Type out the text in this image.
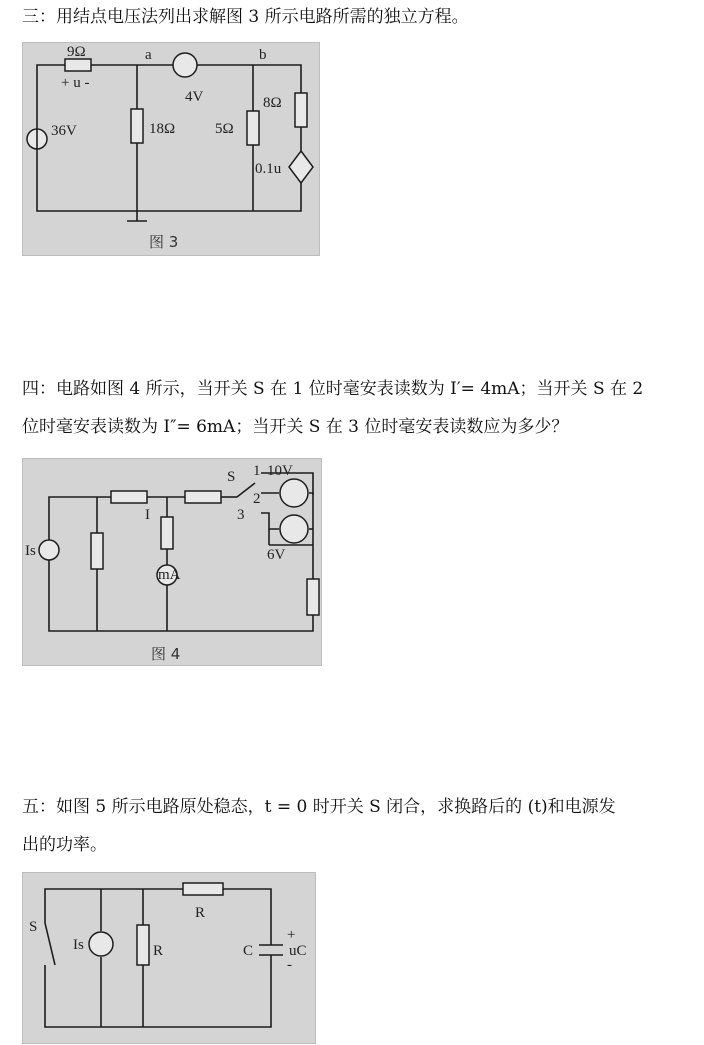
三：用结点电压法列出求解图 3 所示电路所需的独立方程。
9Ω
+ u -
a	b
4V
36V	18Ω	5Ω
8Ω
0.1u
图 3
四：电路如图 4 所示，当开关 S 在 1 位时毫安表读数为 I′= 4mA；当开关 S 在 2
位时毫安表读数为 I″= 6mA；当开关 S 在 3 位时毫安表读数应为多少？
S 1
2
3
10V
6V
Is
I
mA
图 4
五：如图 5 所示电路原处稳态，t = 0 时开关 S 闭合，求换路后的 (t)和电源发
出的功率。
S
Is	R
R
C
+
uC
-
